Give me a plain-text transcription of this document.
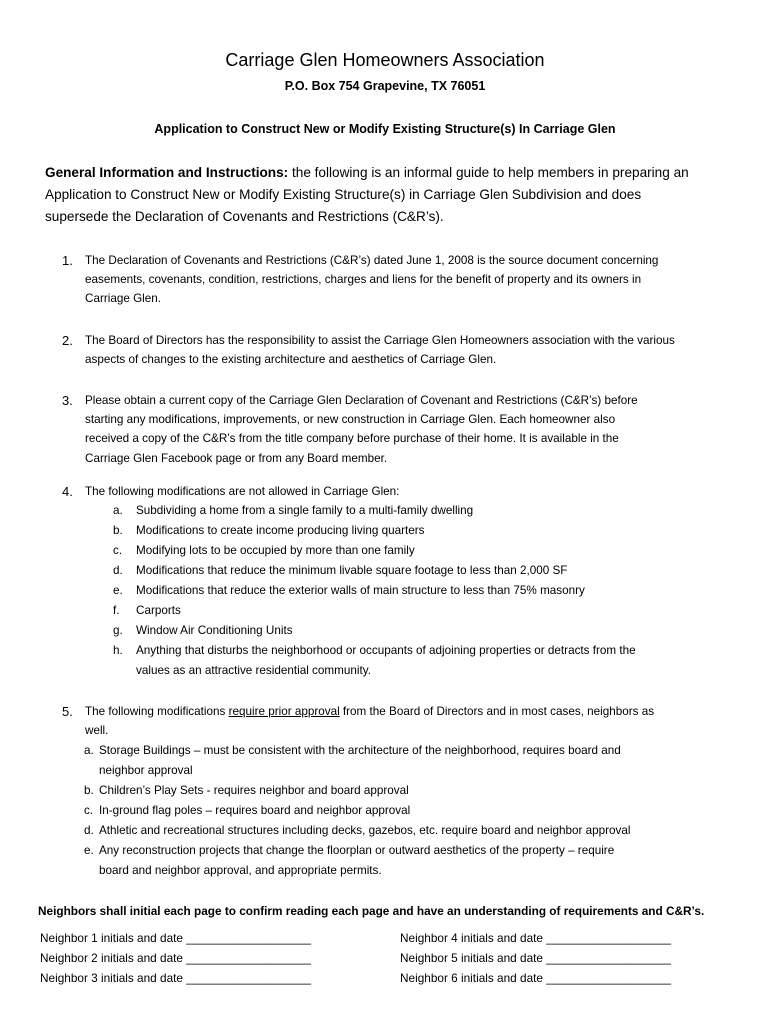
Carriage Glen Homeowners Association
P.O. Box 754 Grapevine, TX 76051
Application to Construct New or Modify Existing Structure(s) In Carriage Glen
General Information and Instructions: the following is an informal guide to help members in preparing an
Application to Construct New or Modify Existing Structure(s) in Carriage Glen Subdivision and does
supersede the Declaration of Covenants and Restrictions (C&R’s).
1.	The Declaration of Covenants and Restrictions (C&R’s) dated June 1, 2008 is the source document concerning
easements, covenants, condition, restrictions, charges and liens for the benefit of property and its owners in
Carriage Glen.
2.	The Board of Directors has the responsibility to assist the Carriage Glen Homeowners association with the various
aspects of changes to the existing architecture and aesthetics of Carriage Glen.
3.	Please obtain a current copy of the Carriage Glen Declaration of Covenant and Restrictions (C&R’s) before
starting any modifications, improvements, or new construction in Carriage Glen. Each homeowner also
received a copy of the C&R’s from the title company before purchase of their home. It is available in the
Carriage Glen Facebook page or from any Board member.
4.	The following modifications are not allowed in Carriage Glen:
a. Subdividing a home from a single family to a multi-family dwelling
b. Modifications to create income producing living quarters
c. Modifying lots to be occupied by more than one family
d. Modifications that reduce the minimum livable square footage to less than 2,000 SF
e. Modifications that reduce the exterior walls of main structure to less than 75% masonry
f. Carports
g. Window Air Conditioning Units
h. Anything that disturbs the neighborhood or occupants of adjoining properties or detracts from the
values as an attractive residential community.
5.	The following modifications require prior approval from the Board of Directors and in most cases, neighbors as
well.
a. Storage Buildings – must be consistent with the architecture of the neighborhood, requires board and
neighbor approval
b. Children’s Play Sets - requires neighbor and board approval
c. In-ground flag poles – requires board and neighbor approval
d. Athletic and recreational structures including decks, gazebos, etc. require board and neighbor approval
e. Any reconstruction projects that change the floorplan or outward aesthetics of the property – require
board and neighbor approval, and appropriate permits.
Neighbors shall initial each page to confirm reading each page and have an understanding of requirements and C&R’s.
Neighbor 1 initials and date ___________________
Neighbor 2 initials and date ___________________
Neighbor 3 initials and date ___________________
Neighbor 4 initials and date ___________________
Neighbor 5 initials and date ___________________
Neighbor 6 initials and date ___________________
